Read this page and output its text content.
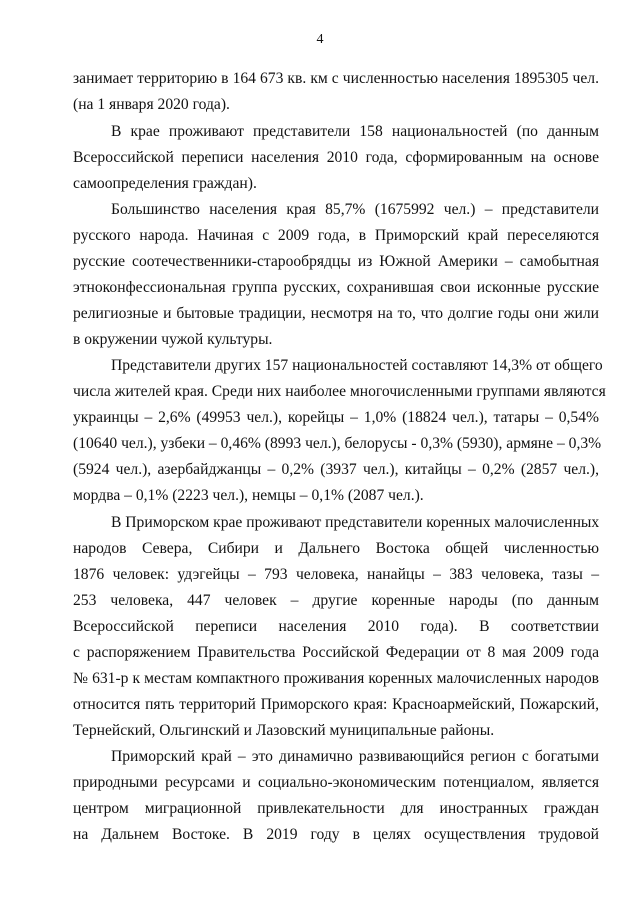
4
занимает территорию в 164 673 кв. км с численностью населения 1895305 чел.
(на 1 января 2020 года).
В крае проживают представители 158 национальностей (по данным
Всероссийской переписи населения 2010 года, сформированным на основе
самоопределения граждан).
Большинство населения края 85,7% (1675992 чел.) – представители
русского народа. Начиная с 2009 года, в Приморский край переселяются
русские соотечественники-старообрядцы из Южной Америки – самобытная
этноконфессиональная группа русских, сохранившая свои исконные русские
религиозные и бытовые традиции, несмотря на то, что долгие годы они жили
в окружении чужой культуры.
Представители других 157 национальностей составляют 14,3% от общего
числа жителей края. Среди них наиболее многочисленными группами являются
украинцы – 2,6% (49953 чел.), корейцы – 1,0% (18824 чел.), татары – 0,54%
(10640 чел.), узбеки – 0,46% (8993 чел.), белорусы - 0,3% (5930), армяне – 0,3%
(5924 чел.), азербайджанцы – 0,2% (3937 чел.), китайцы – 0,2% (2857 чел.),
мордва – 0,1% (2223 чел.), немцы – 0,1% (2087 чел.).
В Приморском крае проживают представители коренных малочисленных
народов Севера, Сибири и Дальнего Востока общей численностью
1876 человек: удэгейцы – 793 человека, нанайцы – 383 человека, тазы –
253 человека, 447 человек – другие коренные народы (по данным
Всероссийской переписи населения 2010 года). В соответствии
с распоряжением Правительства Российской Федерации от 8 мая 2009 года
№ 631-р к местам компактного проживания коренных малочисленных народов
относится пять территорий Приморского края: Красноармейский, Пожарский,
Тернейский, Ольгинский и Лазовский муниципальные районы.
Приморский край – это динамично развивающийся регион с богатыми
природными ресурсами и социально-экономическим потенциалом, является
центром миграционной привлекательности для иностранных граждан
на Дальнем Востоке. В 2019 году в целях осуществления трудовой
